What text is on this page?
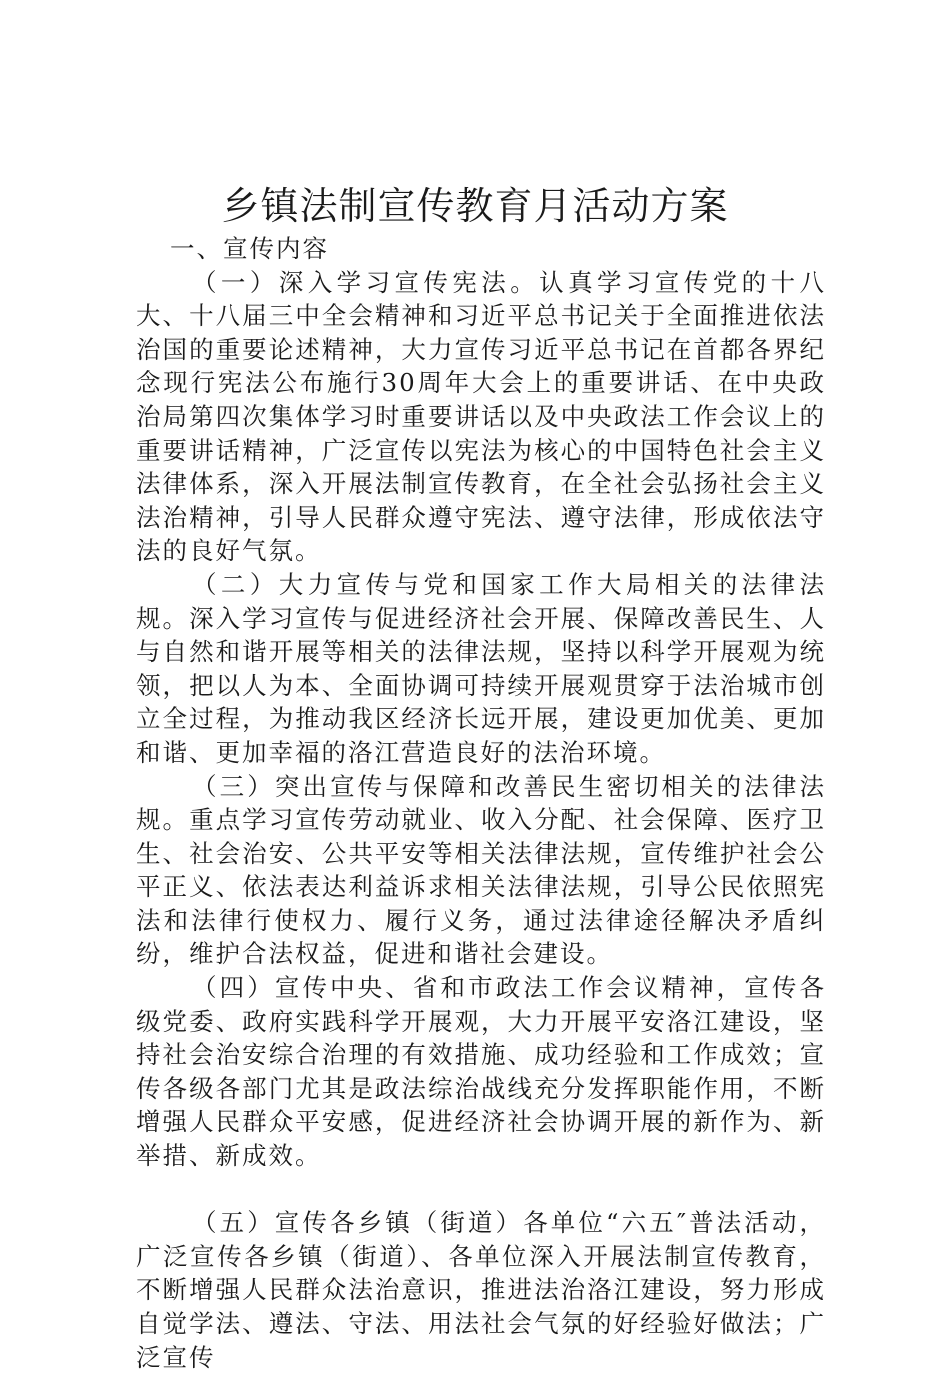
乡镇法制宣传教育月活动方案

一、宣传内容

（一）深入学习宣传宪法。认真学习宣传党的十八大、十八届三中全会精神和习近平总书记关于全面推进依法治国的重要论述精神，大力宣传习近平总书记在首都各界纪念现行宪法公布施行30周年大会上的重要讲话、在中央政治局第四次集体学习时重要讲话以及中央政法工作会议上的重要讲话精神，广泛宣传以宪法为核心的中国特色社会主义法律体系，深入开展法制宣传教育，在全社会弘扬社会主义法治精神，引导人民群众遵守宪法、遵守法律，形成依法守法的良好气氛。

（二）大力宣传与党和国家工作大局相关的法律法规。深入学习宣传与促进经济社会开展、保障改善民生、人与自然和谐开展等相关的法律法规，坚持以科学开展观为统领，把以人为本、全面协调可持续开展观贯穿于法治城市创立全过程，为推动我区经济长远开展，建设更加优美、更加和谐、更加幸福的洛江营造良好的法治环境。

（三）突出宣传与保障和改善民生密切相关的法律法规。重点学习宣传劳动就业、收入分配、社会保障、医疗卫生、社会治安、公共平安等相关法律法规，宣传维护社会公平正义、依法表达利益诉求相关法律法规，引导公民依照宪法和法律行使权力、履行义务，通过法律途径解决矛盾纠纷，维护合法权益，促进和谐社会建设。

（四）宣传中央、省和市政法工作会议精神，宣传各级党委、政府实践科学开展观，大力开展平安洛江建设，坚持社会治安综合治理的有效措施、成功经验和工作成效；宣传各级各部门尤其是政法综治战线充分发挥职能作用，不断增强人民群众平安感，促进经济社会协调开展的新作为、新举措、新成效。

（五）宣传各乡镇（街道）各单位“六五″普法活动，广泛宣传各乡镇（街道）、各单位深入开展法制宣传教育，不断增强人民群众法治意识，推进法治洛江建设，努力形成自觉学法、遵法、守法、用法社会气氛的好经验好做法；广泛宣传
